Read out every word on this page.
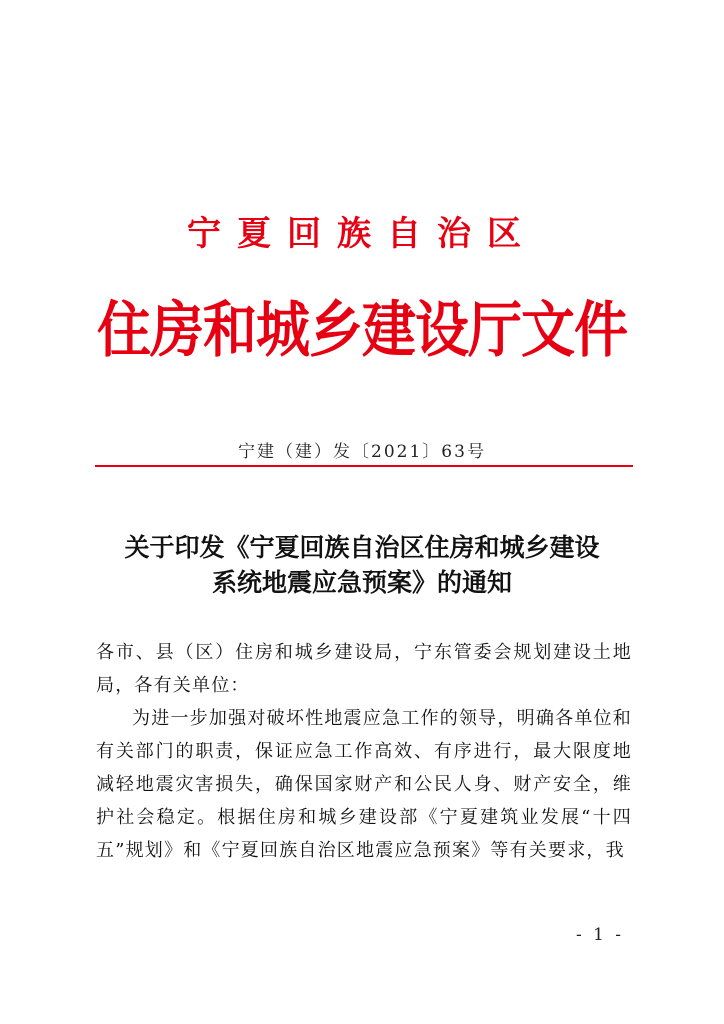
宁夏回族自治区
住房和城乡建设厅文件
宁建（建）发〔2021〕63号
关于印发《宁夏回族自治区住房和城乡建设
系统地震应急预案》的通知

各市、县（区）住房和城乡建设局，宁东管委会规划建设土地局，各有关单位：

为进一步加强对破坏性地震应急工作的领导，明确各单位和有关部门的职责，保证应急工作高效、有序进行，最大限度地减轻地震灾害损失，确保国家财产和公民人身、财产安全，维护社会稳定。根据住房和城乡建设部《宁夏建筑业发展“十四五”规划》和《宁夏回族自治区地震应急预案》等有关要求，我

- 1 -
